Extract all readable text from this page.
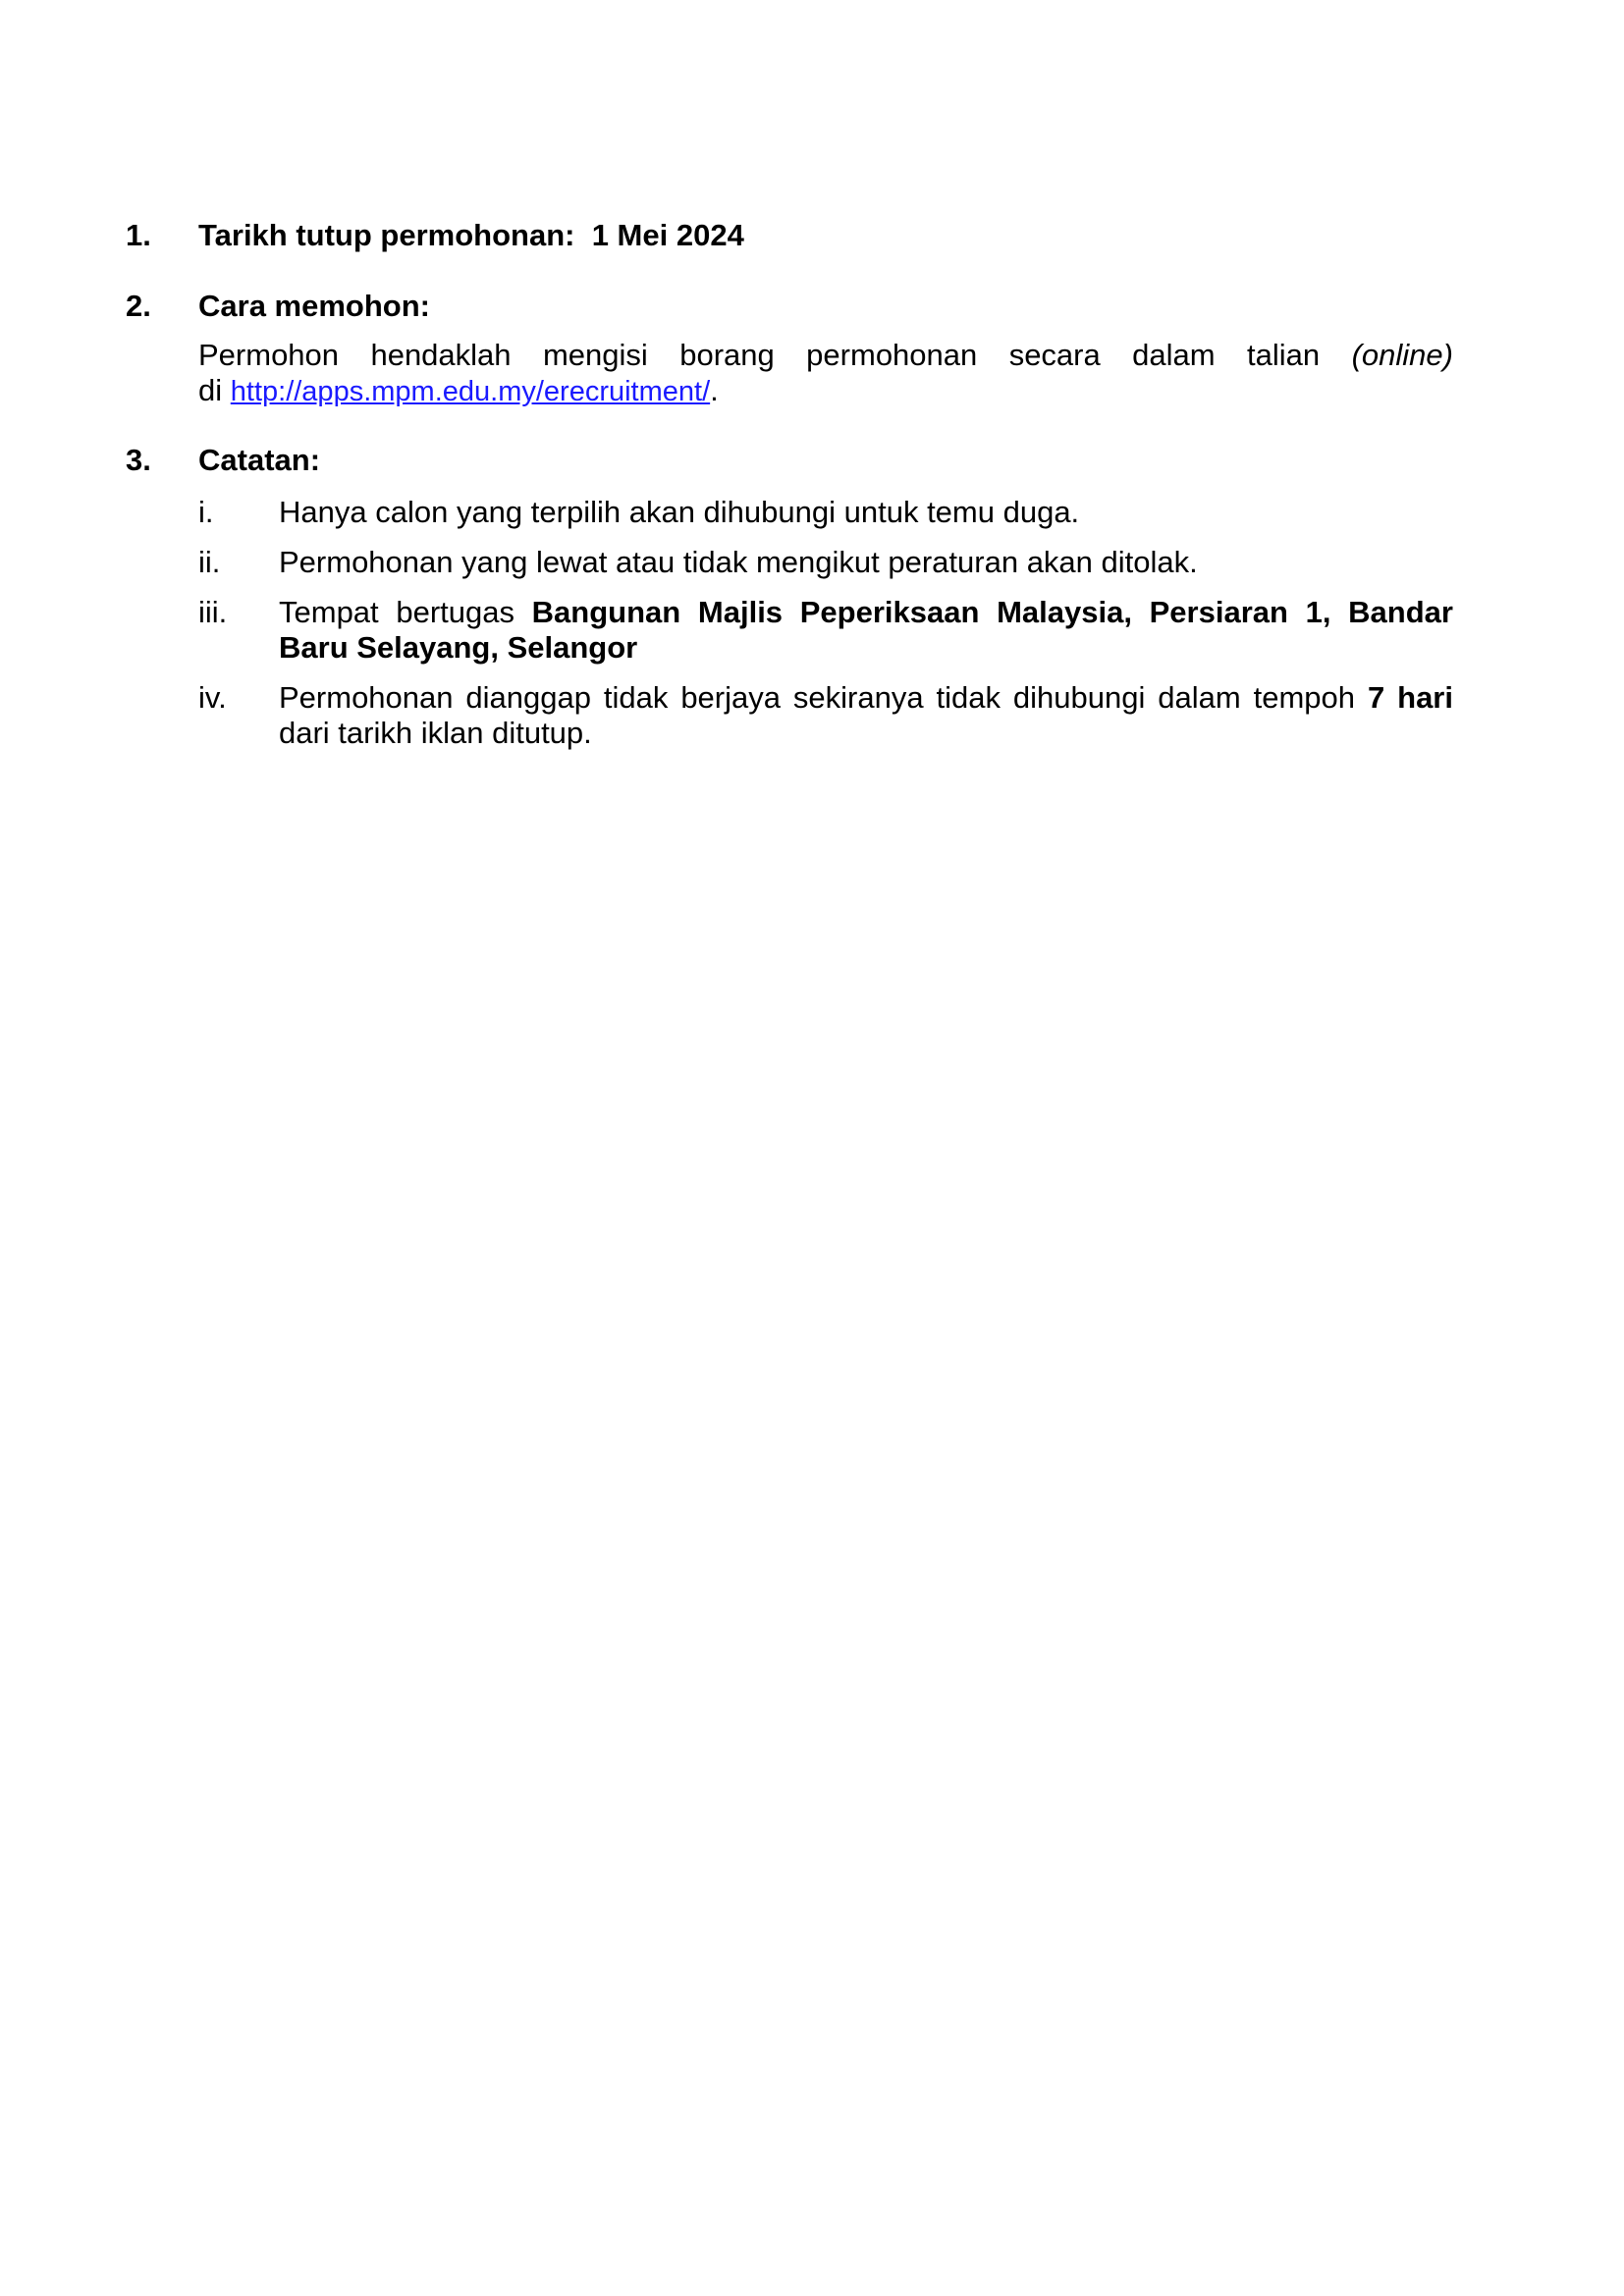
1. Tarikh tutup permohonan: 1 Mei 2024
2. Cara memohon:
Permohon hendaklah mengisi borang permohonan secara dalam talian (online)
di http://apps.mpm.edu.my/erecruitment/.
3. Catatan:
i. Hanya calon yang terpilih akan dihubungi untuk temu duga.
ii. Permohonan yang lewat atau tidak mengikut peraturan akan ditolak.
iii. Tempat bertugas Bangunan Majlis Peperiksaan Malaysia, Persiaran 1, Bandar
Baru Selayang, Selangor
iv. Permohonan dianggap tidak berjaya sekiranya tidak dihubungi dalam tempoh 7 hari
dari tarikh iklan ditutup.
